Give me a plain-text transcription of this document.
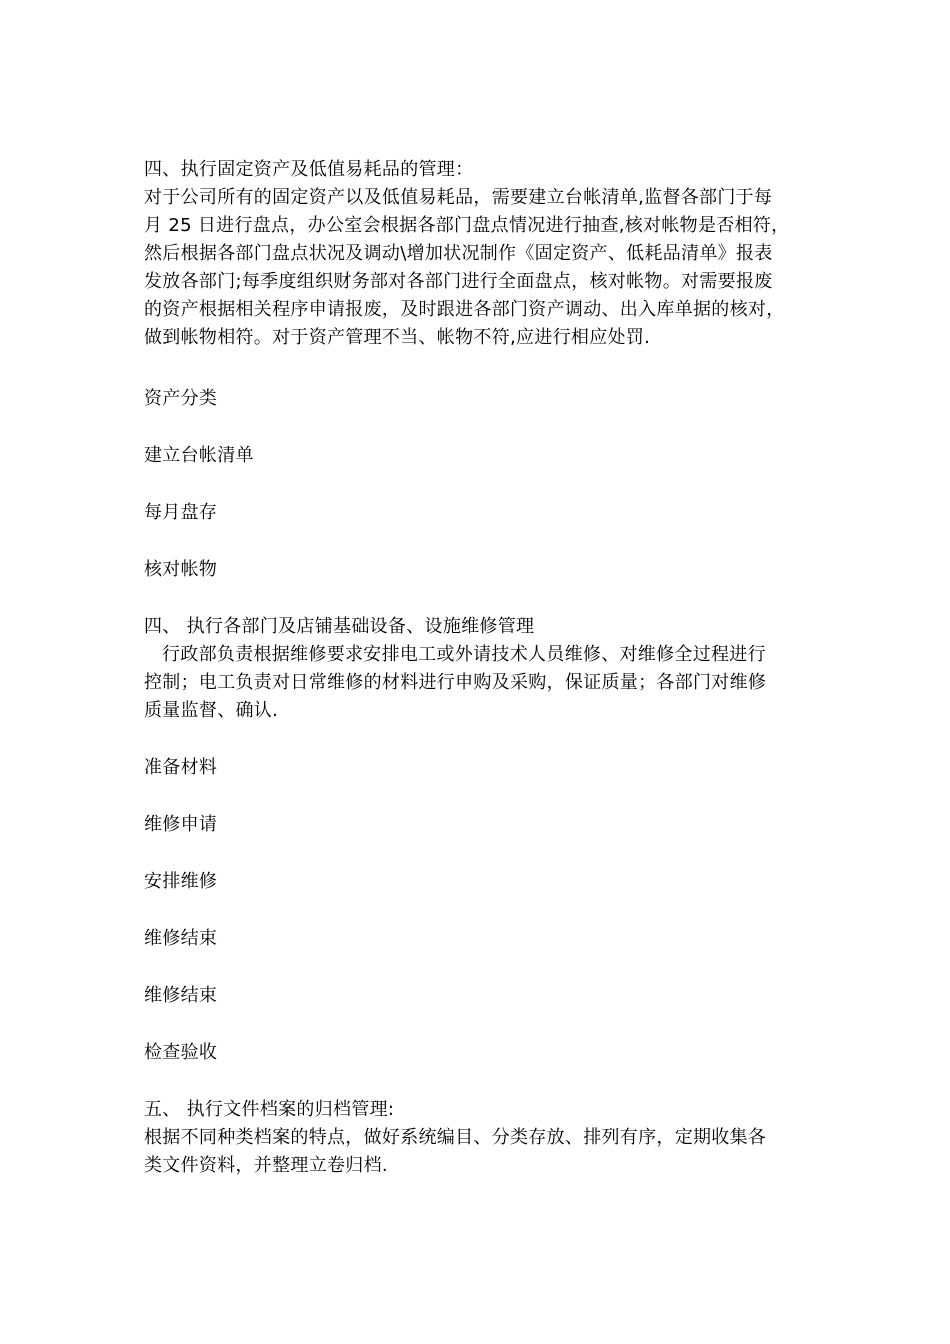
四、执行固定资产及低值易耗品的管理：
对于公司所有的固定资产以及低值易耗品，需要建立台帐清单,监督各部门于每
月 25 日进行盘点，办公室会根据各部门盘点情况进行抽查,核对帐物是否相符，
然后根据各部门盘点状况及调动\增加状况制作《固定资产、低耗品清单》报表
发放各部门;每季度组织财务部对各部门进行全面盘点，核对帐物。对需要报废
的资产根据相关程序申请报废，及时跟进各部门资产调动、出入库单据的核对，
做到帐物相符。对于资产管理不当、帐物不符,应进行相应处罚.
资产分类
建立台帐清单
每月盘存
核对帐物
四、 执行各部门及店铺基础设备、设施维修管理
行政部负责根据维修要求安排电工或外请技术人员维修、对维修全过程进行
控制；电工负责对日常维修的材料进行申购及采购，保证质量；各部门对维修
质量监督、确认.
准备材料
维修申请
安排维修
维修结束
维修结束
检查验收
五、 执行文件档案的归档管理:
根据不同种类档案的特点，做好系统编目、分类存放、排列有序，定期收集各
类文件资料，并整理立卷归档.
